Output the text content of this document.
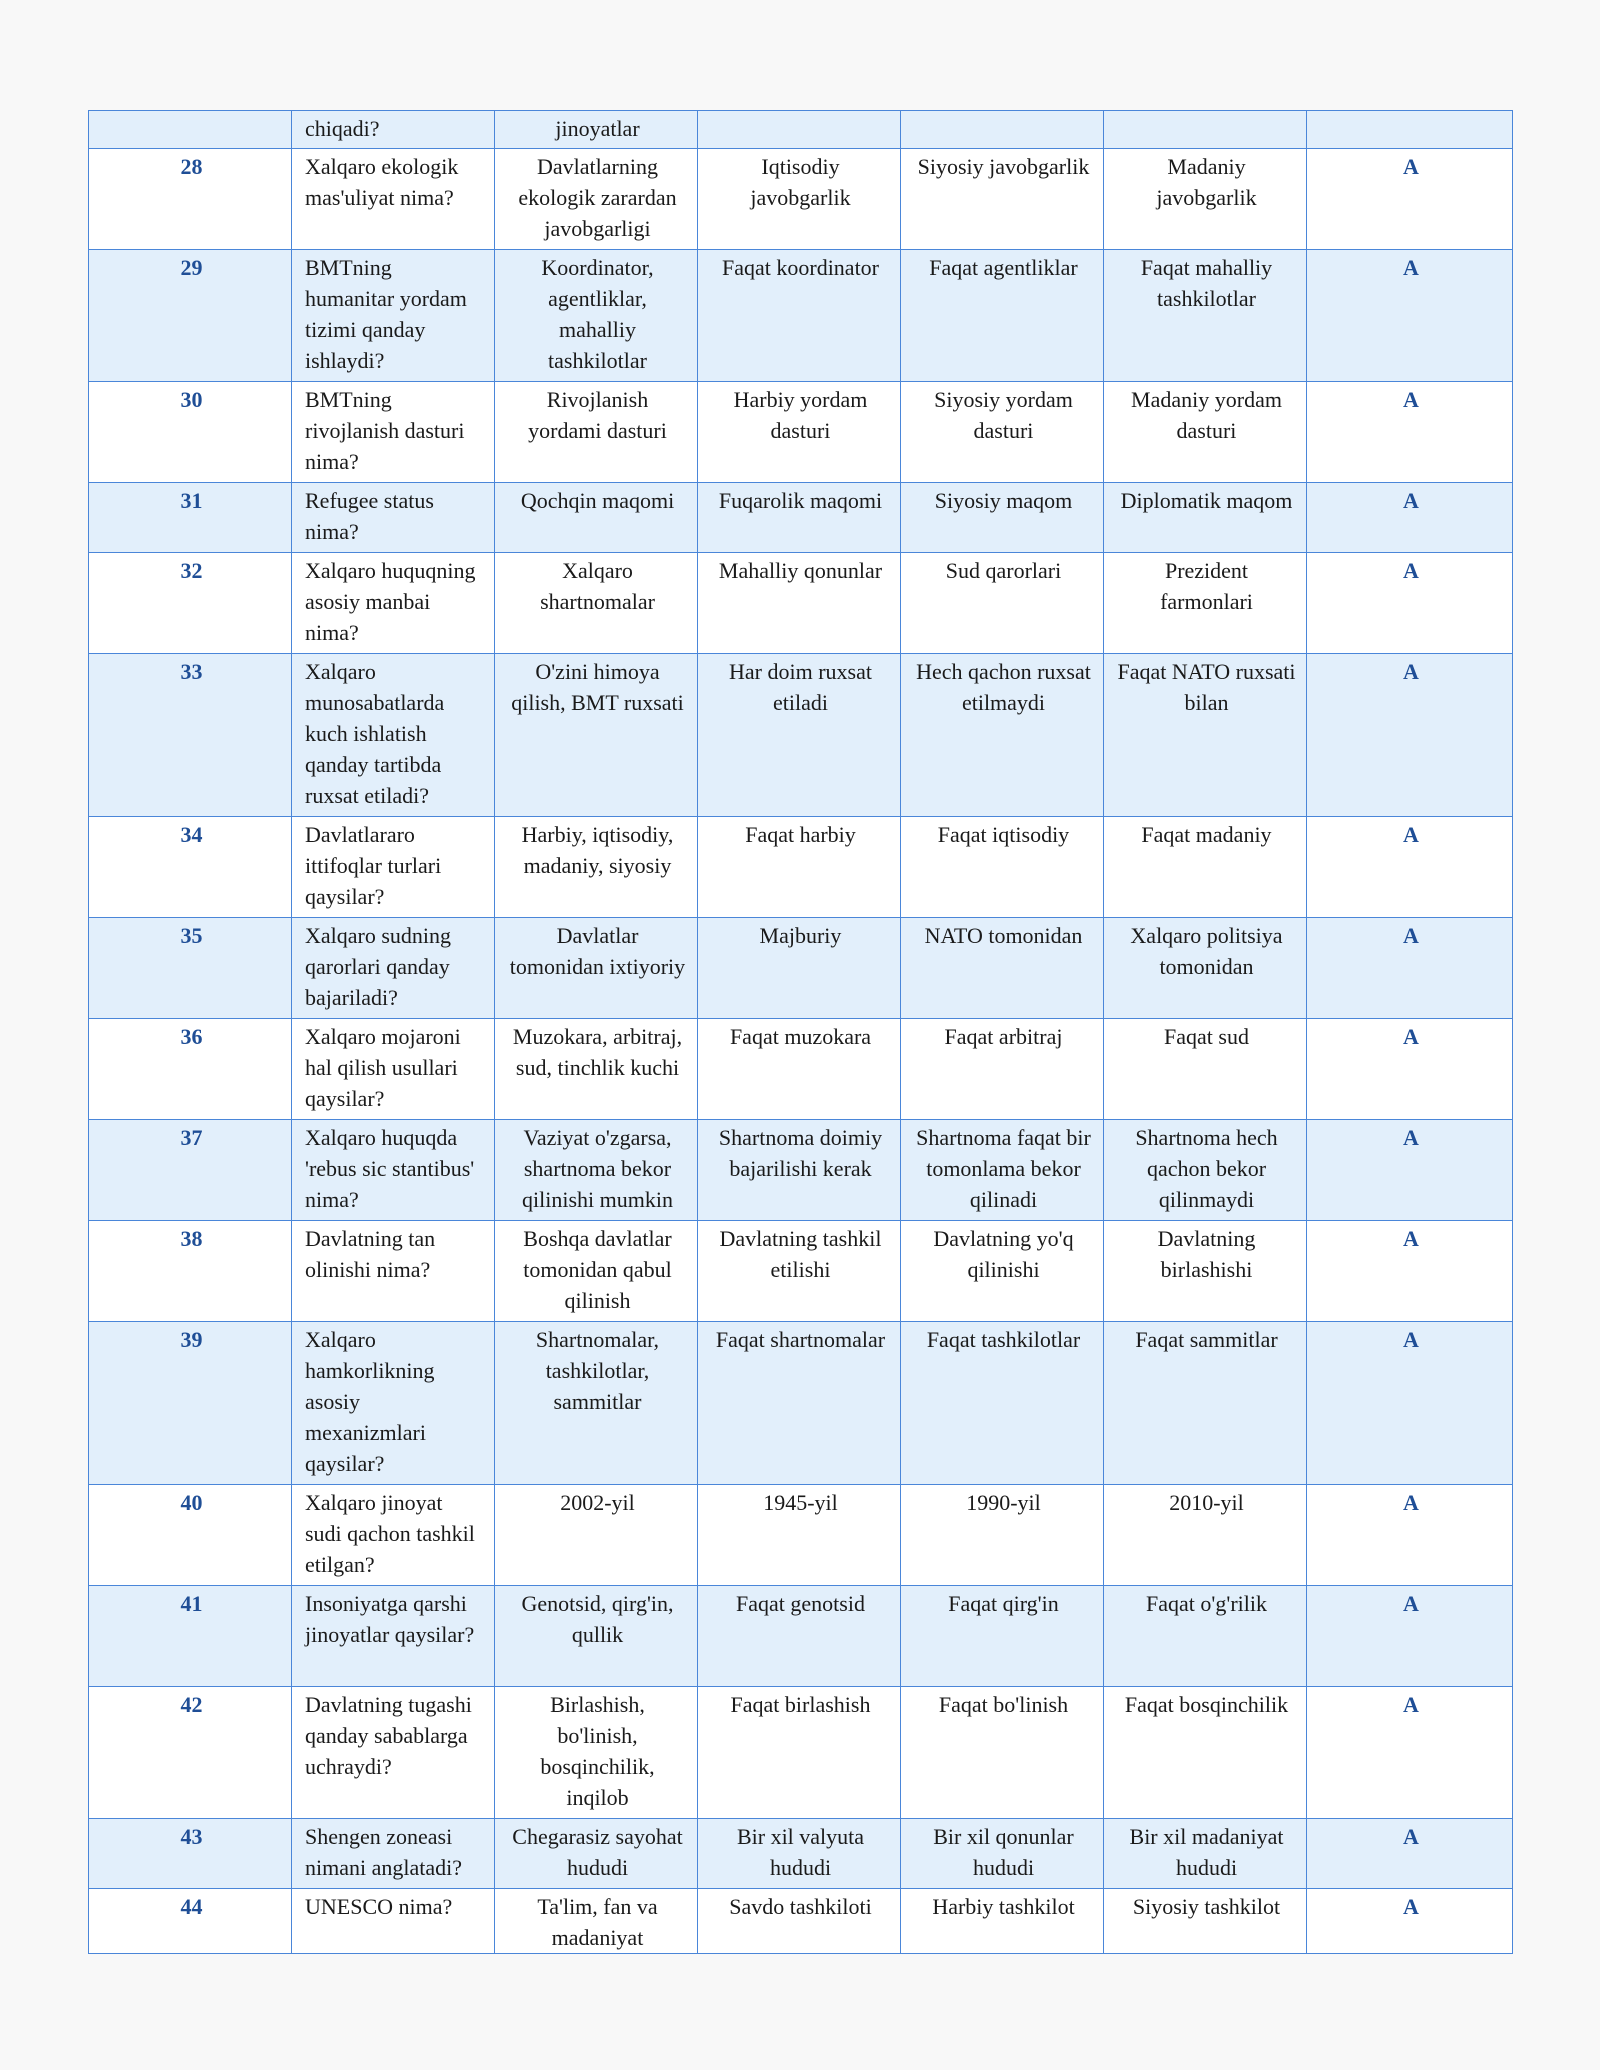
	chiqadi?	jinoyatlar				
28	Xalqaro ekologik mas'uliyat nima?	Davlatlarning ekologik zarardan javobgarligi	Iqtisodiy javobgarlik	Siyosiy javobgarlik	Madaniy javobgarlik	A
29	BMTning humanitar yordam tizimi qanday ishlaydi?	Koordinator, agentliklar, mahalliy tashkilotlar	Faqat koordinator	Faqat agentliklar	Faqat mahalliy tashkilotlar	A
30	BMTning rivojlanish dasturi nima?	Rivojlanish yordami dasturi	Harbiy yordam dasturi	Siyosiy yordam dasturi	Madaniy yordam dasturi	A
31	Refugee status nima?	Qochqin maqomi	Fuqarolik maqomi	Siyosiy maqom	Diplomatik maqom	A
32	Xalqaro huquqning asosiy manbai nima?	Xalqaro shartnomalar	Mahalliy qonunlar	Sud qarorlari	Prezident farmonlari	A
33	Xalqaro munosabatlarda kuch ishlatish qanday tartibda ruxsat etiladi?	O'zini himoya qilish, BMT ruxsati	Har doim ruxsat etiladi	Hech qachon ruxsat etilmaydi	Faqat NATO ruxsati bilan	A
34	Davlatlararo ittifoqlar turlari qaysilar?	Harbiy, iqtisodiy, madaniy, siyosiy	Faqat harbiy	Faqat iqtisodiy	Faqat madaniy	A
35	Xalqaro sudning qarorlari qanday bajariladi?	Davlatlar tomonidan ixtiyoriy	Majburiy	NATO tomonidan	Xalqaro politsiya tomonidan	A
36	Xalqaro mojaroni hal qilish usullari qaysilar?	Muzokara, arbitraj, sud, tinchlik kuchi	Faqat muzokara	Faqat arbitraj	Faqat sud	A
37	Xalqaro huquqda 'rebus sic stantibus' nima?	Vaziyat o'zgarsa, shartnoma bekor qilinishi mumkin	Shartnoma doimiy bajarilishi kerak	Shartnoma faqat bir tomonlama bekor qilinadi	Shartnoma hech qachon bekor qilinmaydi	A
38	Davlatning tan olinishi nima?	Boshqa davlatlar tomonidan qabul qilinish	Davlatning tashkil etilishi	Davlatning yo'q qilinishi	Davlatning birlashishi	A
39	Xalqaro hamkorlikning asosiy mexanizmlari qaysilar?	Shartnomalar, tashkilotlar, sammitlar	Faqat shartnomalar	Faqat tashkilotlar	Faqat sammitlar	A
40	Xalqaro jinoyat sudi qachon tashkil etilgan?	2002-yil	1945-yil	1990-yil	2010-yil	A
41	Insoniyatga qarshi jinoyatlar qaysilar?	Genotsid, qirg'in, qullik	Faqat genotsid	Faqat qirg'in	Faqat o'g'rilik	A
42	Davlatning tugashi qanday sabablarga uchraydi?	Birlashish, bo'linish, bosqinchilik, inqilob	Faqat birlashish	Faqat bo'linish	Faqat bosqinchilik	A
43	Shengen zoneasi nimani anglatadi?	Chegarasiz sayohat hududi	Bir xil valyuta hududi	Bir xil qonunlar hududi	Bir xil madaniyat hududi	A
44	UNESCO nima?	Ta'lim, fan va madaniyat	Savdo tashkiloti	Harbiy tashkilot	Siyosiy tashkilot	A
